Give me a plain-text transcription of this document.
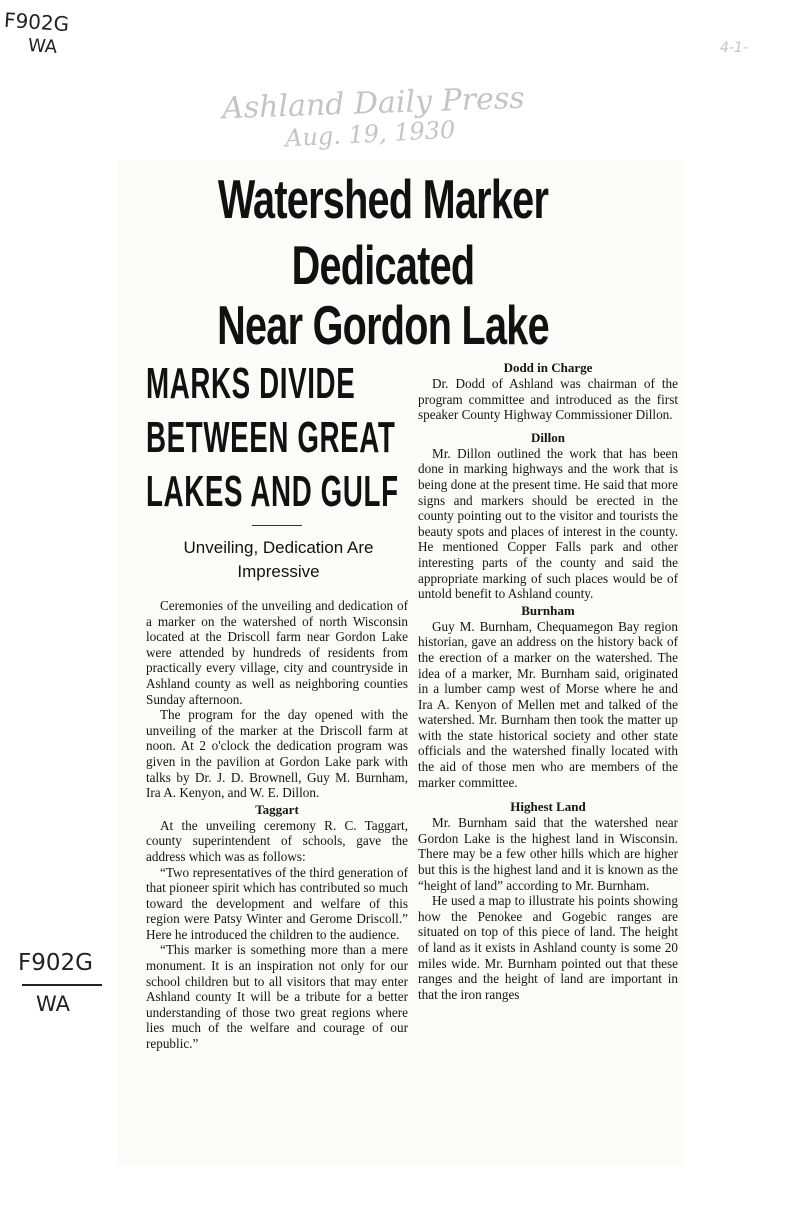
F902G
WA	4-1-
Ashland Daily Press
Aug. 19, 1930
F902G
WA
Watershed Marker
Dedicated
Near Gordon Lake
MARKS DIVIDE
BETWEEN GREAT
LAKES AND GULF
Unveiling, Dedication Are Impressive

Ceremonies of the unveiling and dedication of a marker on the watershed of north Wisconsin located at the Driscoll farm near Gordon Lake were attended by hundreds of residents from practically every village, city and countryside in Ashland county as well as neighboring counties Sunday afternoon.

The program for the day opened with the unveiling of the marker at the Driscoll farm at noon. At 2 o'clock the dedication program was given in the pavilion at Gordon Lake park with talks by Dr. J. D. Brownell, Guy M. Burnham, Ira A. Kenyon, and W. E. Dillon.

Taggart

At the unveiling ceremony R. C. Taggart, county superintendent of schools, gave the address which was as follows:

“Two representatives of the third generation of that pioneer spirit which has contributed so much toward the development and welfare of this region were Patsy Winter and Gerome Driscoll.” Here he introduced the children to the audience.

“This marker is something more than a mere monument. It is an inspiration not only for our school children but to all visitors that may enter Ashland county It will be a tribute for a better understanding of those two great regions where lies much of the welfare and courage of our republic.”

Dodd in Charge

Dr. Dodd of Ashland was chairman of the program committee and introduced as the first speaker County Highway Commissioner Dillon.

Dillon

Mr. Dillon outlined the work that has been done in marking highways and the work that is being done at the present time. He said that more signs and markers should be erected in the county pointing out to the visitor and tourists the beauty spots and places of interest in the county. He mentioned Copper Falls park and other interesting parts of the county and said the appropriate marking of such places would be of untold benefit to Ashland county.

Burnham

Guy M. Burnham, Chequamegon Bay region historian, gave an address on the history back of the erection of a marker on the watershed. The idea of a marker, Mr. Burnham said, originated in a lumber camp west of Morse where he and Ira A. Kenyon of Mellen met and talked of the watershed. Mr. Burnham then took the matter up with the state historical society and other state officials and the watershed finally located with the aid of those men who are members of the marker committee.

Highest Land

Mr. Burnham said that the watershed near Gordon Lake is the highest land in Wisconsin. There may be a few other hills which are higher but this is the highest land and it is known as the “height of land” according to Mr. Burnham.

He used a map to illustrate his points showing how the Penokee and Gogebic ranges are situated on top of this piece of land. The height of land as it exists in Ashland county is some 20 miles wide. Mr. Burnham pointed out that these ranges and the height of land are important in that the iron ranges
